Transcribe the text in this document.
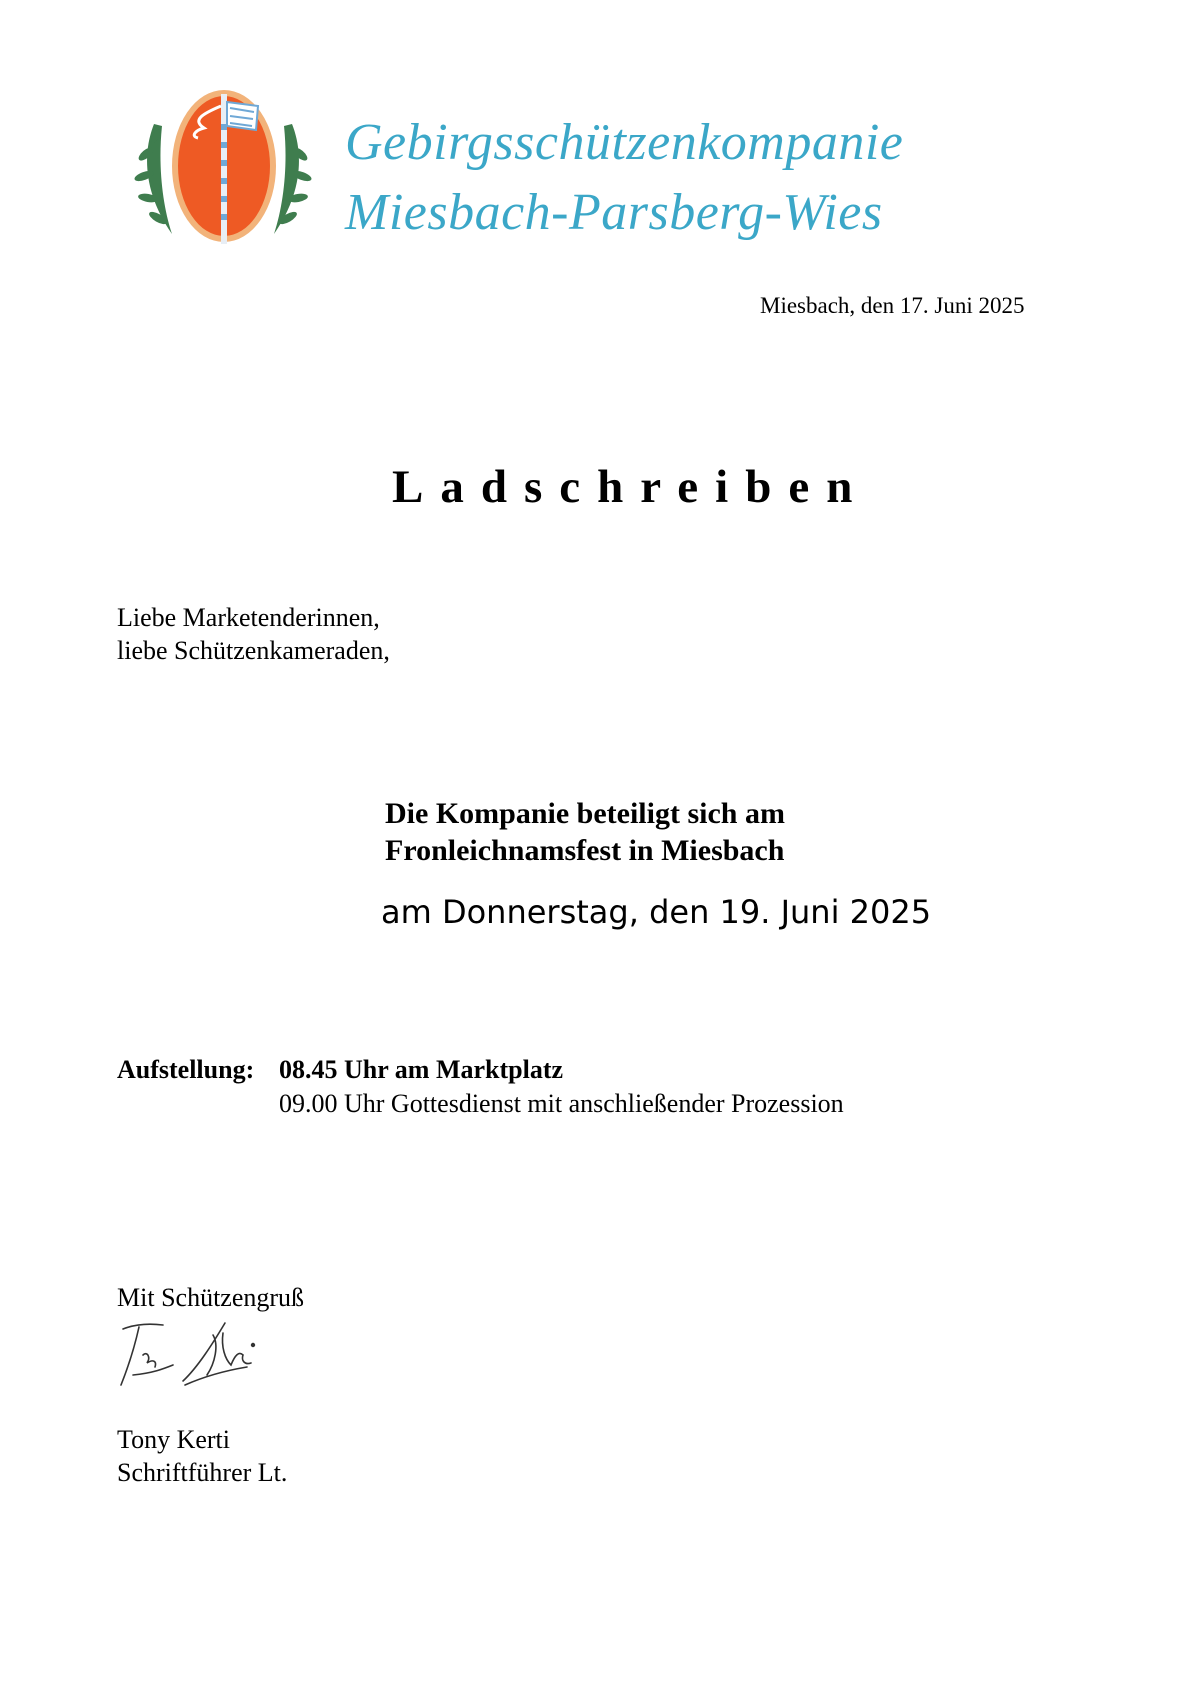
Gebirgsschützenkompanie
Miesbach-Parsberg-Wies
Miesbach, den 17. Juni 2025
Ladschreiben
Liebe Marketenderinnen,
liebe Schützenkameraden,
Die Kompanie beteiligt sich am
Fronleichnamsfest in Miesbach
am Donnerstag, den 19. Juni 2025
Aufstellung: 08.45 Uhr am Marktplatz
09.00 Uhr Gottesdienst mit anschließender Prozession
Mit Schützengruß
Tony Kerti
Schriftführer Lt.
